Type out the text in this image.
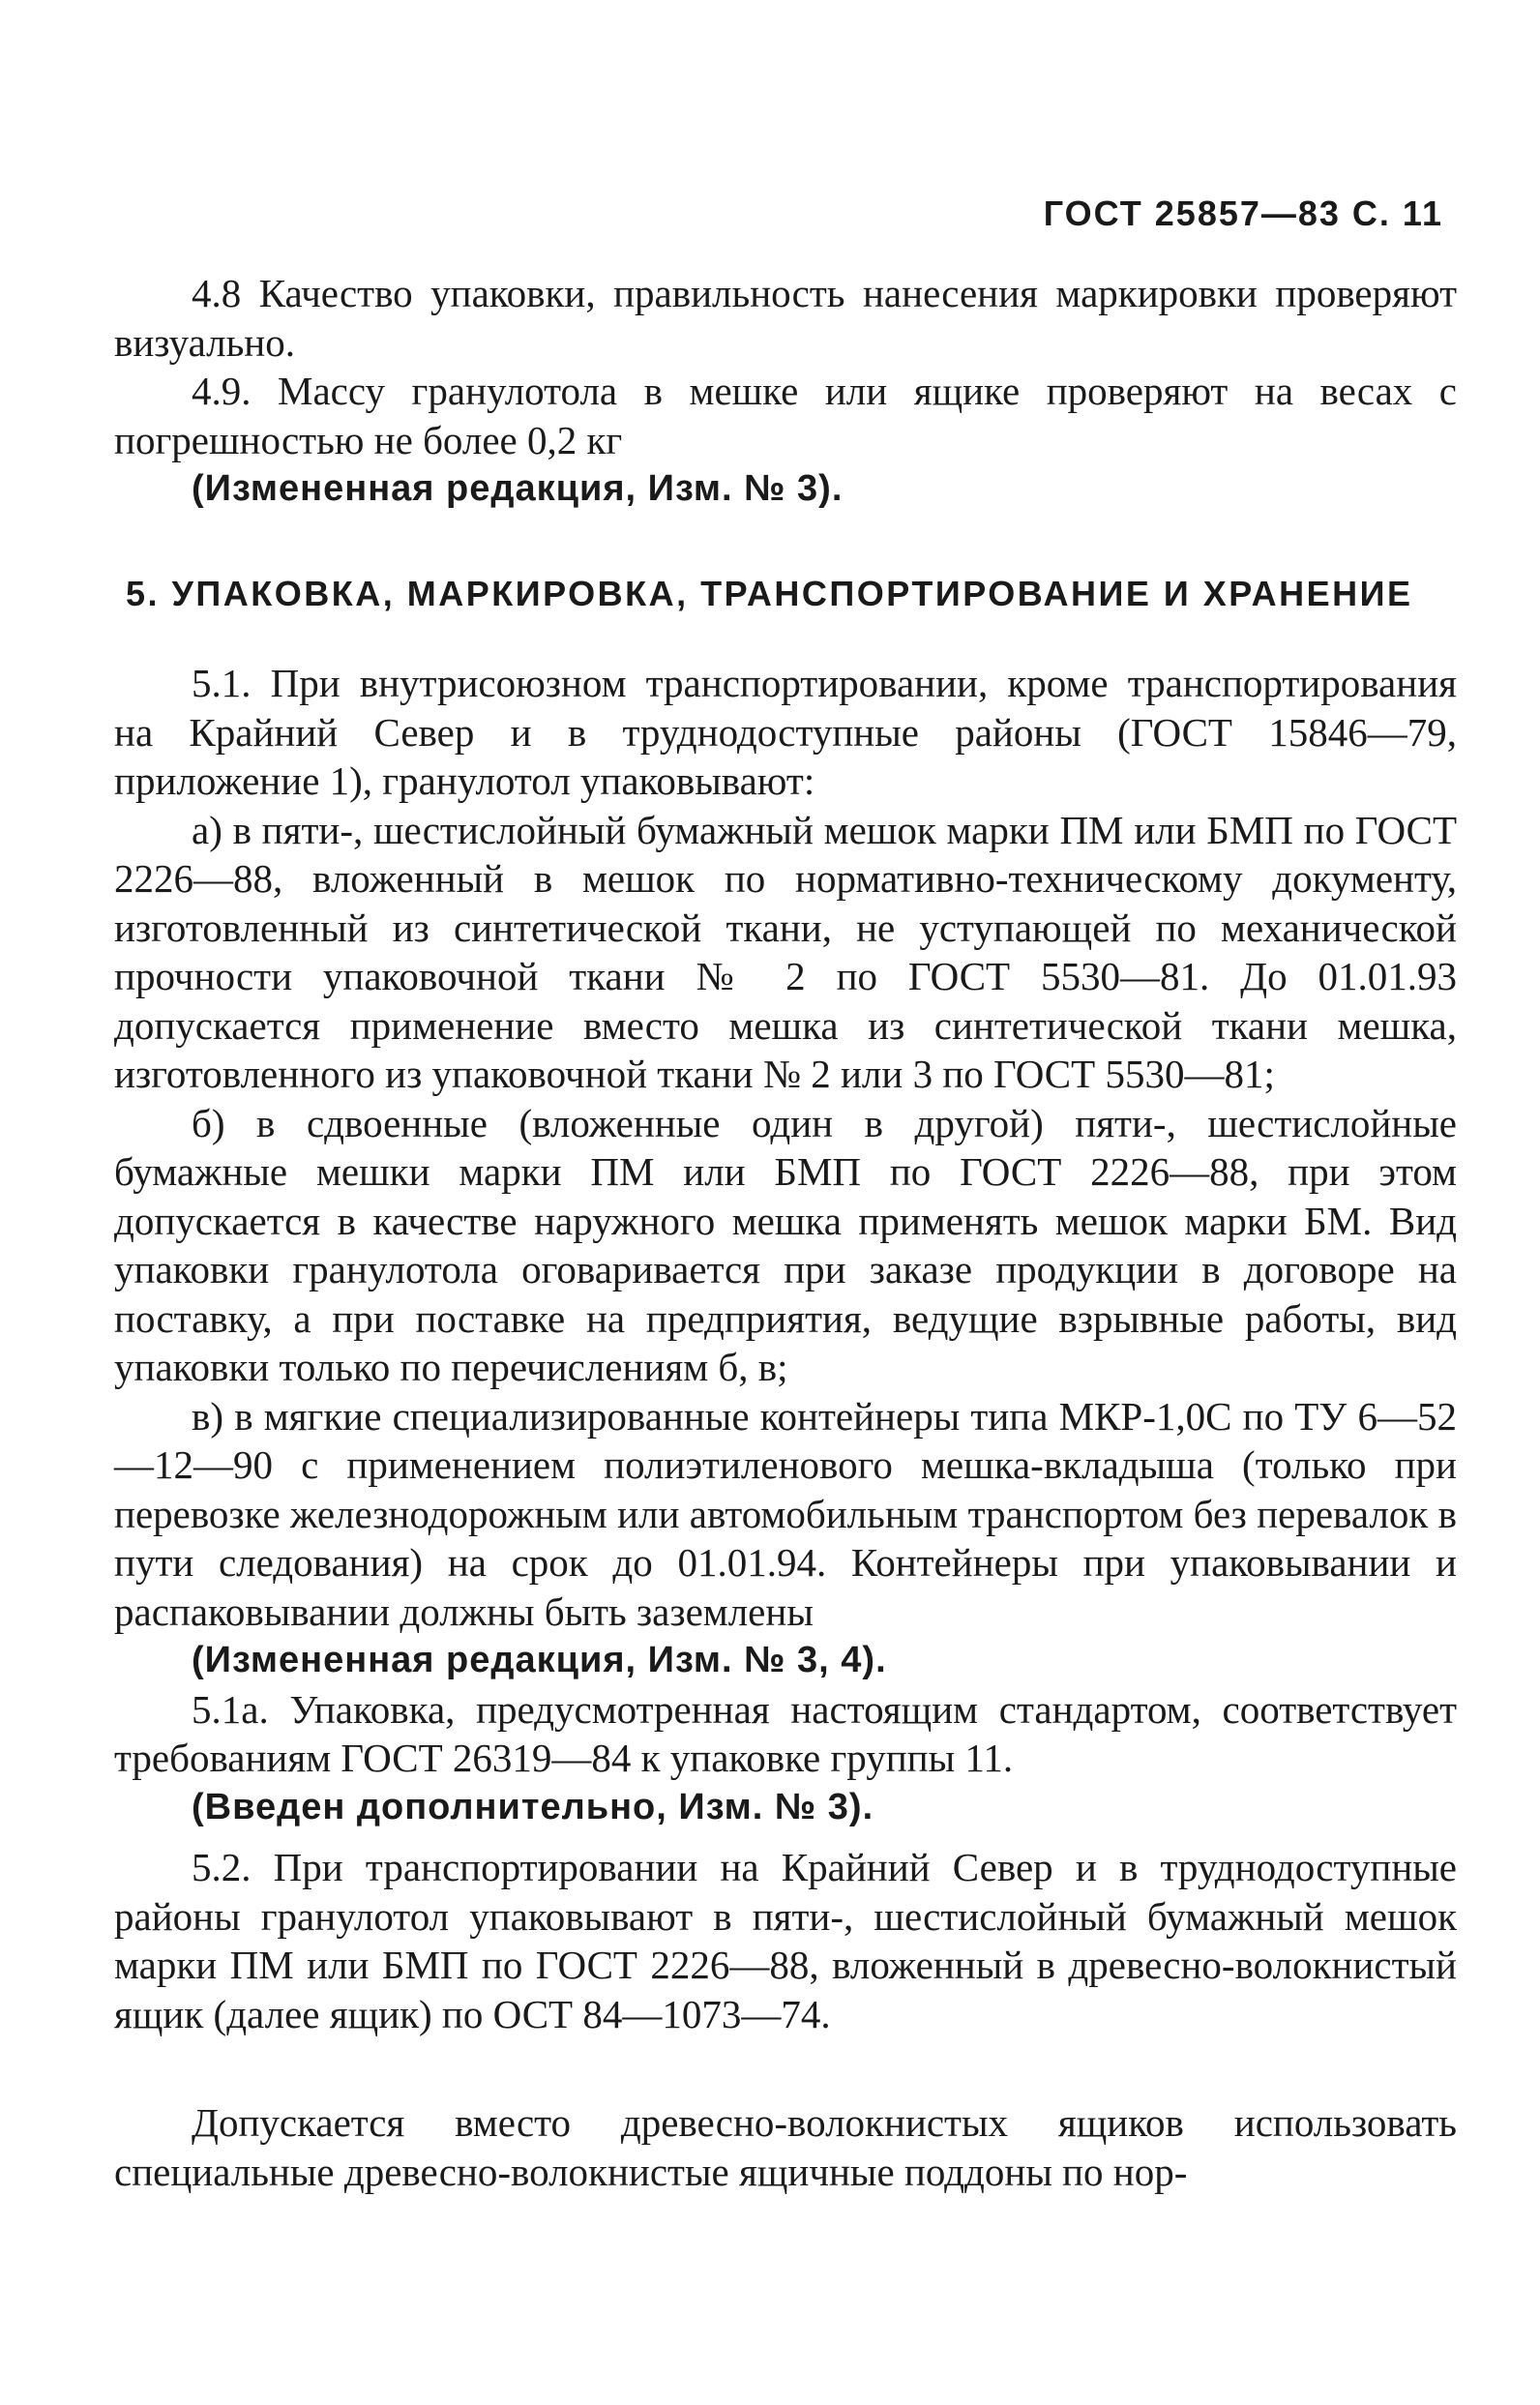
ГОСТ 25857—83 С. 11

4.8 Качество упаковки, правильность нанесения маркировки проверяют визуально.

4.9. Массу гранулотола в мешке или ящике проверяют на весах с погрешностью не более 0,2 кг

(Измененная редакция, Изм. № 3).

5. УПАКОВКА, МАРКИРОВКА, ТРАНСПОРТИРОВАНИЕ И ХРАНЕНИЕ

5.1. При внутрисоюзном транспортировании, кроме транспортирования на Крайний Север и в труднодоступные районы (ГОСТ 15846—79, приложение 1), гранулотол упаковывают:

а) в пяти-, шестислойный бумажный мешок марки ПМ или БМП по ГОСТ 2226—88, вложенный в мешок по нормативно-техническому документу, изготовленный из синтетической ткани, не уступающей по механической прочности упаковочной ткани № 2 по ГОСТ 5530—81. До 01.01.93 допускается применение вместо мешка из синтетической ткани мешка, изготовленного из упаковочной ткани № 2 или 3 по ГОСТ 5530—81;

б) в сдвоенные (вложенные один в другой) пяти-, шестислойные бумажные мешки марки ПМ или БМП по ГОСТ 2226—88, при этом допускается в качестве наружного мешка применять мешок марки БМ. Вид упаковки гранулотола оговаривается при заказе продукции в договоре на поставку, а при поставке на предприятия, ведущие взрывные работы, вид упаковки только по перечислениям б, в;

в) в мягкие специализированные контейнеры типа МКР-1,0С по ТУ 6—52—12—90 с применением полиэтиленового мешка-вкладыша (только при перевозке железнодорожным или автомобильным транспортом без перевалок в пути следования) на срок до 01.01.94. Контейнеры при упаковывании и распаковывании должны быть заземлены

(Измененная редакция, Изм. № 3, 4).

5.1а. Упаковка, предусмотренная настоящим стандартом, соответствует требованиям ГОСТ 26319—84 к упаковке группы 11.

(Введен дополнительно, Изм. № 3).

5.2. При транспортировании на Крайний Север и в труднодоступные районы гранулотол упаковывают в пяти-, шестислойный бумажный мешок марки ПМ или БМП по ГОСТ 2226—88, вложенный в древесно-волокнистый ящик (далее ящик) по ОСТ 84—1073—74.

Допускается вместо древесно-волокнистых ящиков использовать специальные древесно-волокнистые ящичные поддоны по нор-
